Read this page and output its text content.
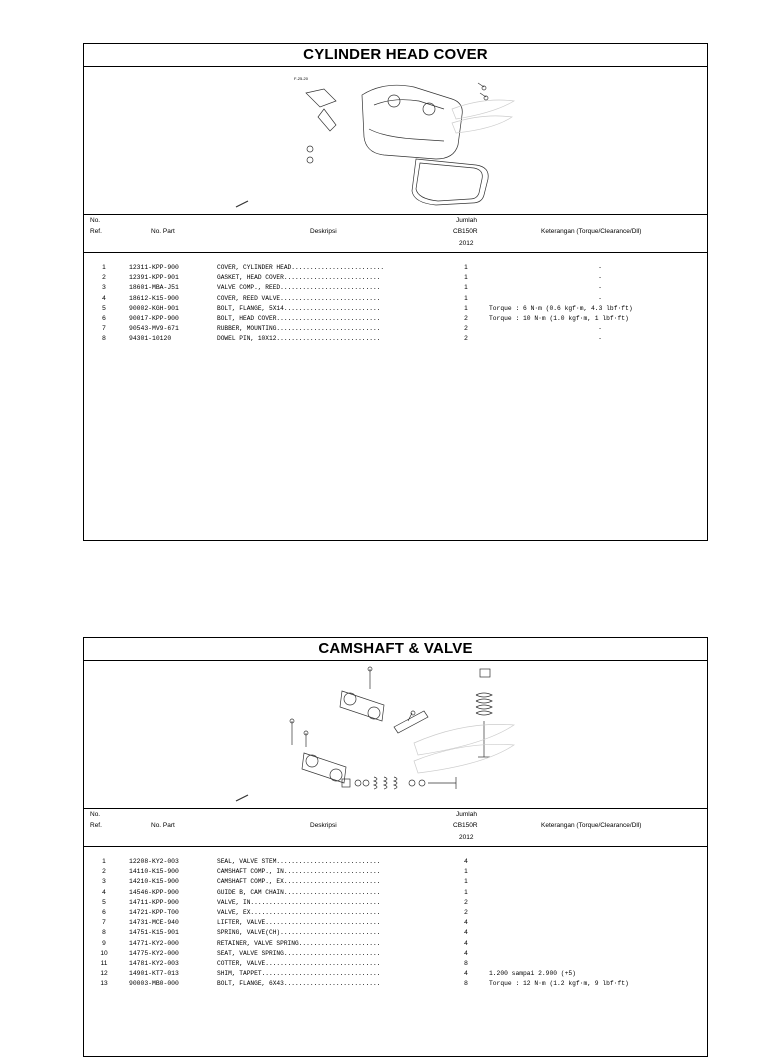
CYLINDER HEAD COVER
F-25-20
No.
Ref.	No. Part	Deskripsi
Jumlah
CB150R
2012
Keterangan (Torque/Clearance/Dll)
1	12311-KPP-900	COVER, CYLINDER HEAD.........................	1	-
2	12391-KPP-901	GASKET, HEAD COVER..........................	1	-
3	18601-MBA-J51	VALVE COMP., REED...........................	1	-
4	18612-K15-900	COVER, REED VALVE...........................	1	-
5	90002-KGH-901	BOLT, FLANGE, 5X14..........................	1	Torque : 6 N·m (0.6 kgf·m, 4.3 lbf·ft)
6	90017-KPP-900	BOLT, HEAD COVER............................	2	Torque : 10 N·m (1.0 kgf·m, 1 lbf·ft)
7	90543-MV9-671	RUBBER, MOUNTING............................	2	-
8	94301-10120	DOWEL PIN, 10X12............................	2	-
CAMSHAFT & VALVE
No.
Ref.	No. Part	Deskripsi
Jumlah
CB150R
2012
Keterangan (Torque/Clearance/Dll)
1	12208-KY2-003	SEAL, VALVE STEM............................	4
2	14110-K15-900	CAMSHAFT COMP., IN..........................	1
3	14210-K15-900	CAMSHAFT COMP., EX..........................	1
4	14546-KPP-900	GUIDE B, CAM CHAIN..........................	1
5	14711-KPP-900	VALVE, IN...................................	2
6	14721-KPP-T00	VALVE, EX...................................	2
7	14731-MCE-940	LIFTER, VALVE...............................	4
8	14751-K15-901	SPRING, VALVE(CH)...........................	4
9	14771-KY2-000	RETAINER, VALVE SPRING......................	4
10	14775-KY2-000	SEAT, VALVE SPRING..........................	4
11	14781-KY2-003	COTTER, VALVE...............................	8
12	14901-KT7-013	SHIM, TAPPET................................	4	1.200 sampai 2.900 (+5)
13	90003-MB0-000	BOLT, FLANGE, 6X43..........................	8	Torque : 12 N·m (1.2 kgf·m, 9 lbf·ft)
